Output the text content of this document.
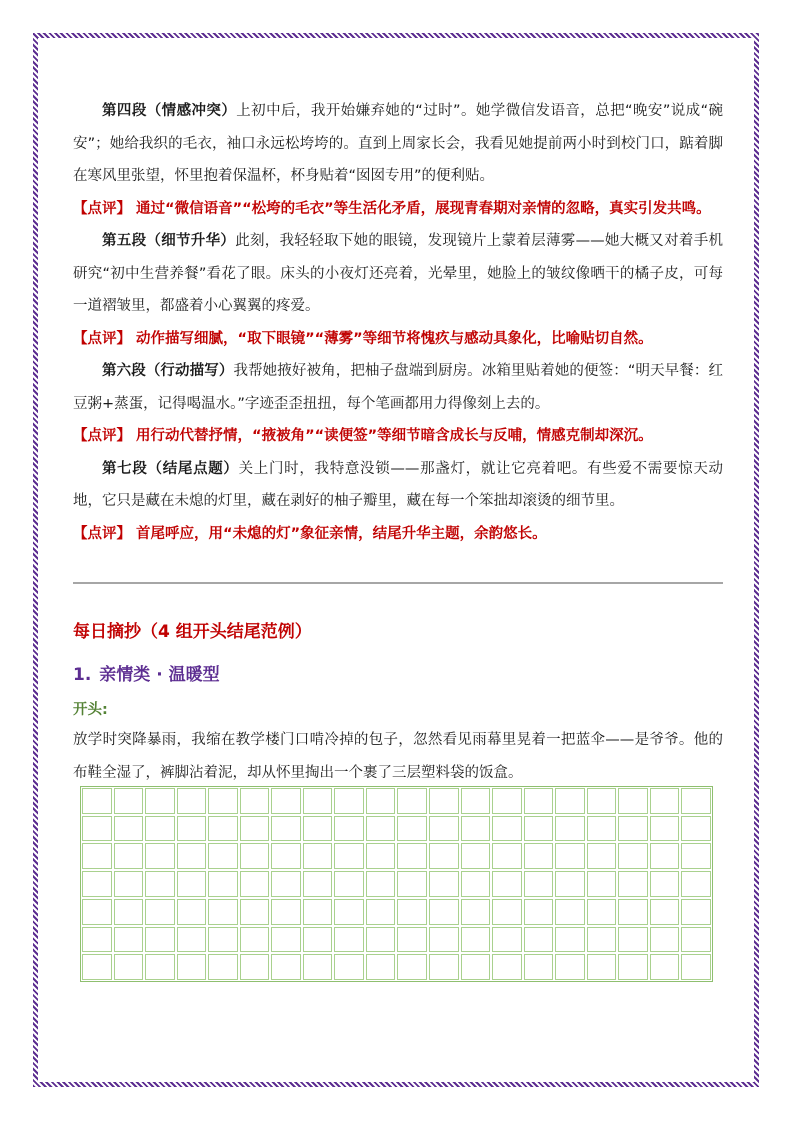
第四段（情感冲突）上初中后，我开始嫌弃她的“过时”。她学微信发语音，总把“晚安”说成“碗安”；她给我织的毛衣，袖口永远松垮垮的。直到上周家长会，我看见她提前两小时到校门口，踮着脚在寒风里张望，怀里抱着保温杯，杯身贴着“囡囡专用”的便利贴。

【点评】 通过“微信语音”“松垮的毛衣”等生活化矛盾，展现青春期对亲情的忽略，真实引发共鸣。

第五段（细节升华）此刻，我轻轻取下她的眼镜，发现镜片上蒙着层薄雾——她大概又对着手机研究“初中生营养餐”看花了眼。床头的小夜灯还亮着，光晕里，她脸上的皱纹像晒干的橘子皮，可每一道褶皱里，都盛着小心翼翼的疼爱。

【点评】 动作描写细腻，“取下眼镜”“薄雾”等细节将愧疚与感动具象化，比喻贴切自然。

第六段（行动描写）我帮她掖好被角，把柚子盘端到厨房。冰箱里贴着她的便签：“明天早餐：红豆粥+蒸蛋，记得喝温水。”字迹歪歪扭扭，每个笔画都用力得像刻上去的。

【点评】 用行动代替抒情，“掖被角”“读便签”等细节暗含成长与反哺，情感克制却深沉。

第七段（结尾点题）关上门时，我特意没锁——那盏灯，就让它亮着吧。有些爱不需要惊天动地，它只是藏在未熄的灯里，藏在剥好的柚子瓣里，藏在每一个笨拙却滚烫的细节里。

【点评】 首尾呼应，用“未熄的灯”象征亲情，结尾升华主题，余韵悠长。

每日摘抄（4 组开头结尾范例）
1. 亲情类 · 温暖型
开头:
放学时突降暴雨，我缩在教学楼门口啃冷掉的包子，忽然看见雨幕里晃着一把蓝伞——是爷爷。他的布鞋全湿了，裤脚沾着泥，却从怀里掏出一个裹了三层塑料袋的饭盒。
